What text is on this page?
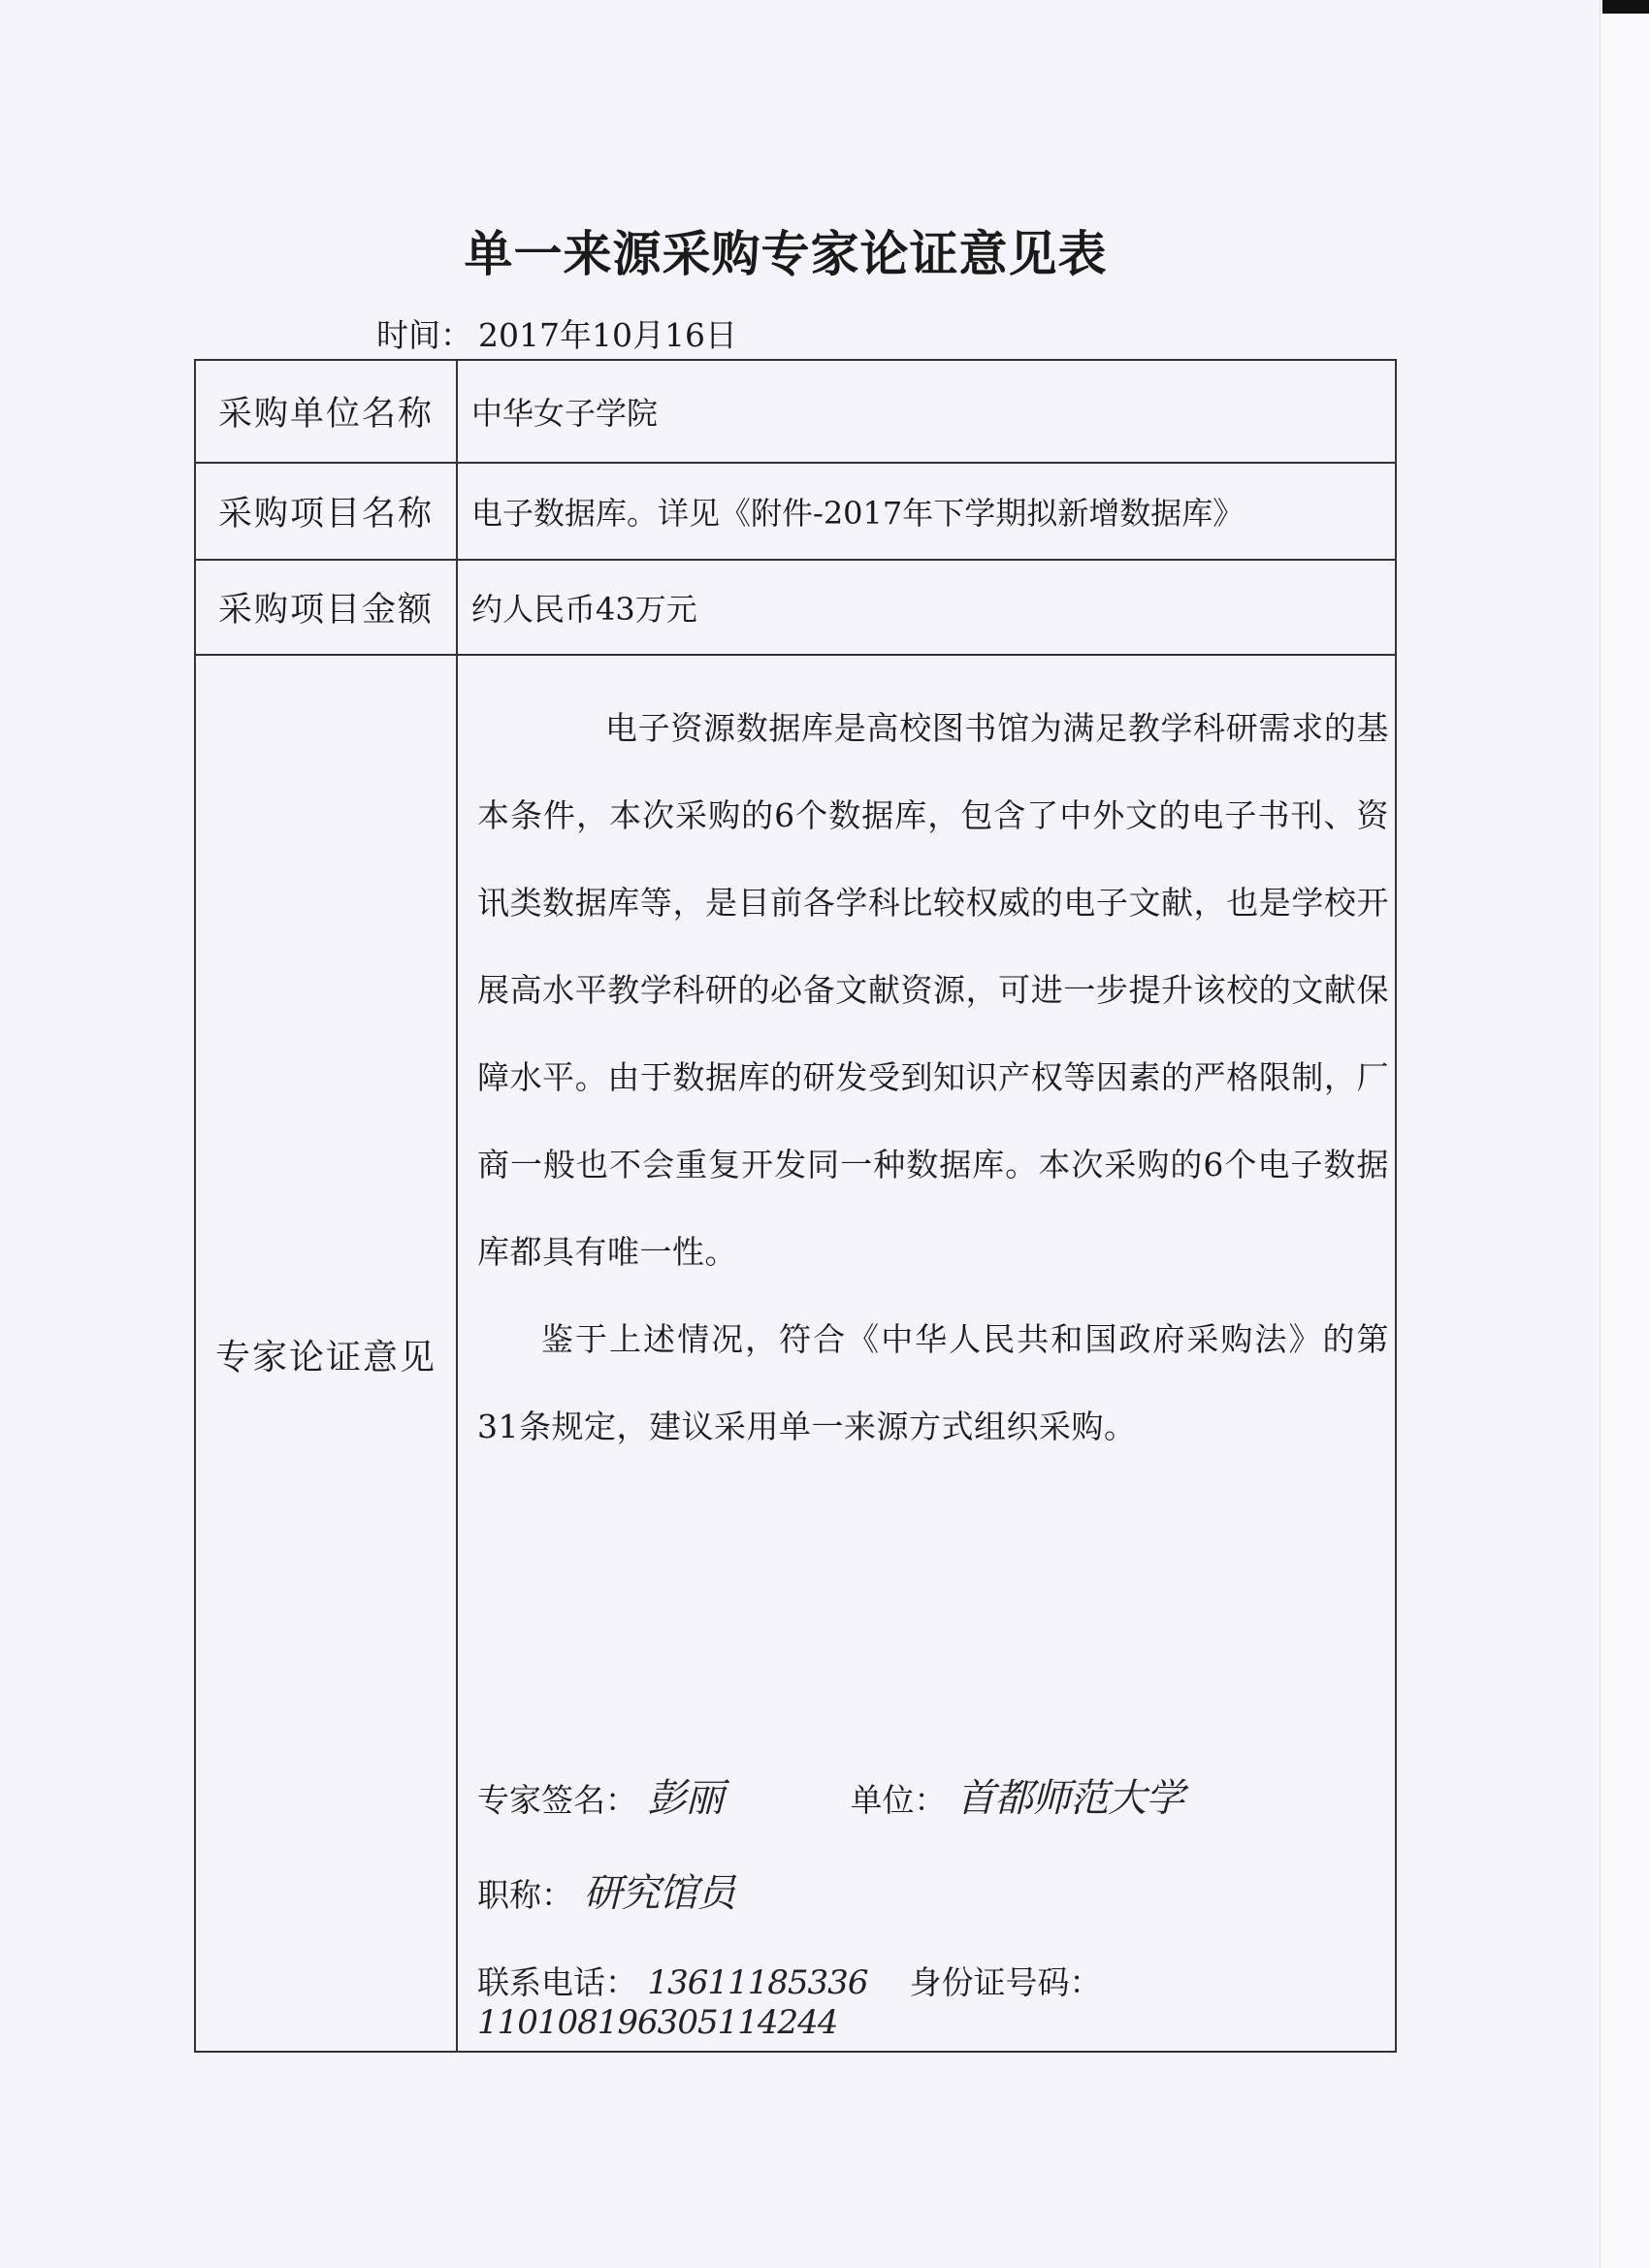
单一来源采购专家论证意见表
时间： 2017年10月16日
采购单位名称	中华女子学院
采购项目名称	电子数据库。详见《附件-2017年下学期拟新增数据库》
采购项目金额	约人民币43万元
专家论证意见

电子资源数据库是高校图书馆为满足教学科研需求的基本条件，本次采购的6个数据库，包含了中外文的电子书刊、资讯类数据库等，是目前各学科比较权威的电子文献，也是学校开展高水平教学科研的必备文献资源，可进一步提升该校的文献保障水平。由于数据库的研发受到知识产权等因素的严格限制，厂商一般也不会重复开发同一种数据库。本次采购的6个电子数据库都具有唯一性。

鉴于上述情况，符合《中华人民共和国政府采购法》的第31条规定，建议采用单一来源方式组织采购。

专家签名： 彭丽	单位： 首都师范大学
职称： 研究馆员
联系电话： 13611185336 身份证号码： 110108196305114244
